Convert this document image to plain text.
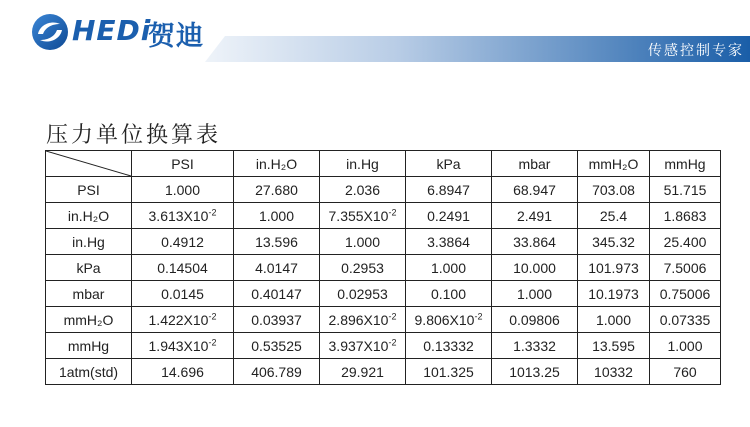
HEDi
贺迪	传感控制专家
压力单位换算表
	PSI	in.H₂O	in.Hg	kPa	mbar	mmH₂O	mmHg
PSI	1.000	27.680	2.036	6.8947	68.947	703.08	51.715
in.H₂O	$3.613X10^{-2}$	1.000	$7.355X10^{-2}$	0.2491	2.491	25.4	1.8683
in.Hg	0.4912	13.596	1.000	3.3864	33.864	345.32	25.400
kPa	0.14504	4.0147	0.2953	1.000	10.000	101.973	7.5006
mbar	0.0145	0.40147	0.02953	0.100	1.000	10.1973	0.75006
mmH₂O	$1.422X10^{-2}$	0.03937	$2.896X10^{-2}$	$9.806X10^{-2}$	0.09806	1.000	0.07335
mmHg	$1.943X10^{-2}$	0.53525	$3.937X10^{-2}$	0.13332	1.3332	13.595	1.000
1atm(std)	14.696	406.789	29.921	101.325	1013.25	10332	760
